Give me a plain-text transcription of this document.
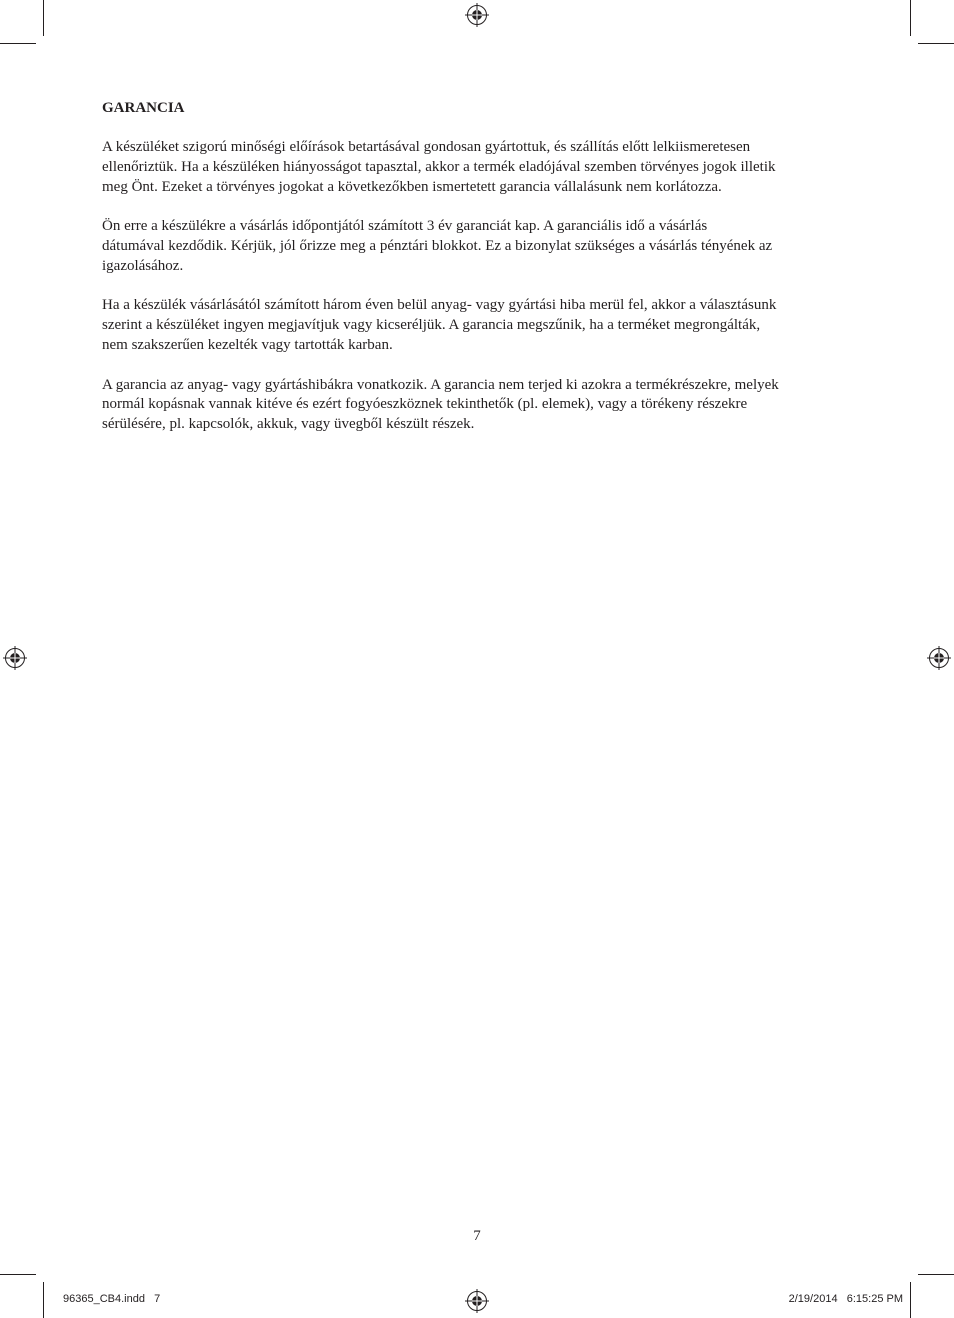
GARANCIA

A készüléket szigorú minőségi előírások betartásával gondosan gyártottuk, és szállítás előtt lelkiismeretesen
ellenőriztük. Ha a készüléken hiányosságot tapasztal, akkor a termék eladójával szemben törvényes jogok illetik
meg Önt. Ezeket a törvényes jogokat a következőkben ismertetett garancia vállalásunk nem korlátozza.

Ön erre a készülékre a vásárlás időpontjától számított 3 év garanciát kap. A garanciális idő a vásárlás
dátumával kezdődik. Kérjük, jól őrizze meg a pénztári blokkot. Ez a bizonylat szükséges a vásárlás tényének az
igazolásához.

Ha a készülék vásárlásától számított három éven belül anyag- vagy gyártási hiba merül fel, akkor a választásunk
szerint a készüléket ingyen megjavítjuk vagy kicseréljük. A garancia megszűnik, ha a terméket megrongálták,
nem szakszerűen kezelték vagy tartották karban.

A garancia az anyag- vagy gyártáshibákra vonatkozik. A garancia nem terjed ki azokra a termékrészekre, melyek
normál kopásnak vannak kitéve és ezért fogyóeszköznek tekinthetők (pl. elemek), vagy a törékeny részekre
sérülésére, pl. kapcsolók, akkuk, vagy üvegből készült részek.

7
96365_CB4.indd   7	2/19/2014   6:15:25 PM
